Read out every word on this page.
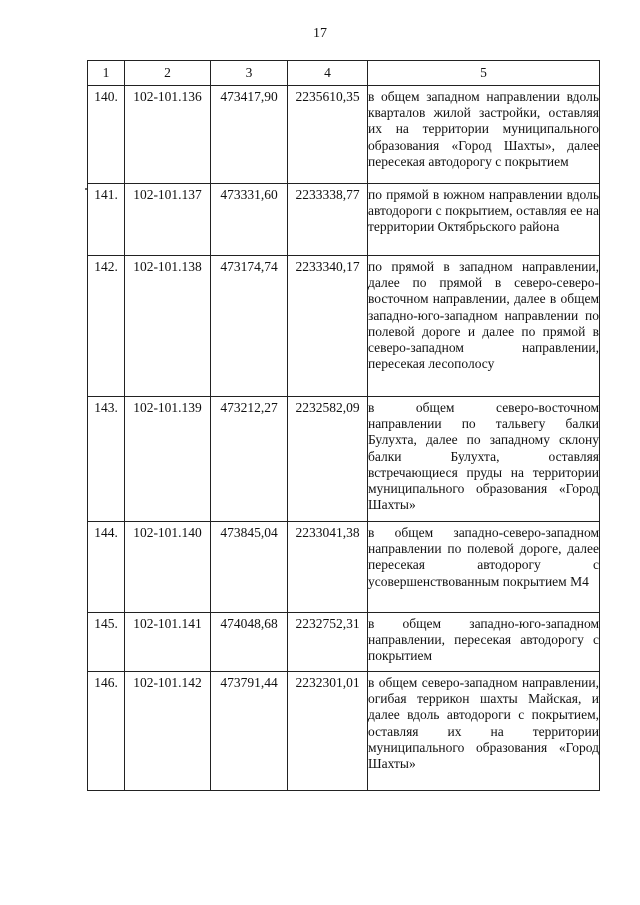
17
1	2	3	4	5
140.	102-101.136	473417,90	2235610,35	в общем западном направлении вдоль кварталов жилой застройки, оставляя их на территории муниципального образования «Город Шахты», далее пересекая автодорогу с покрытием
141.	102-101.137	473331,60	2233338,77	по прямой в южном направлении вдоль автодороги с покрытием, оставляя ее на территории Октябрьского района
142.	102-101.138	473174,74	2233340,17	по прямой в западном направлении, далее по прямой в северо-северо-восточном направлении, далее в общем западно-юго-западном направлении по полевой дороге и далее по прямой в северо-западном направлении, пересекая лесополосу
143.	102-101.139	473212,27	2232582,09	в общем северо-восточном направлении по тальвегу балки Булухта, далее по западному склону балки Булухта, оставляя встречающиеся пруды на территории муниципального образования «Город Шахты»
144.	102-101.140	473845,04	2233041,38	в общем западно-северо-западном направлении по полевой дороге, далее пересекая автодорогу с усовершенствованным покрытием М4
145.	102-101.141	474048,68	2232752,31	в общем западно-юго-западном направлении, пересекая автодорогу с покрытием
146.	102-101.142	473791,44	2232301,01	в общем северо-западном направлении, огибая террикон шахты Майская, и далее вдоль автодороги с покрытием, оставляя их на территории муниципального образования «Город Шахты»
